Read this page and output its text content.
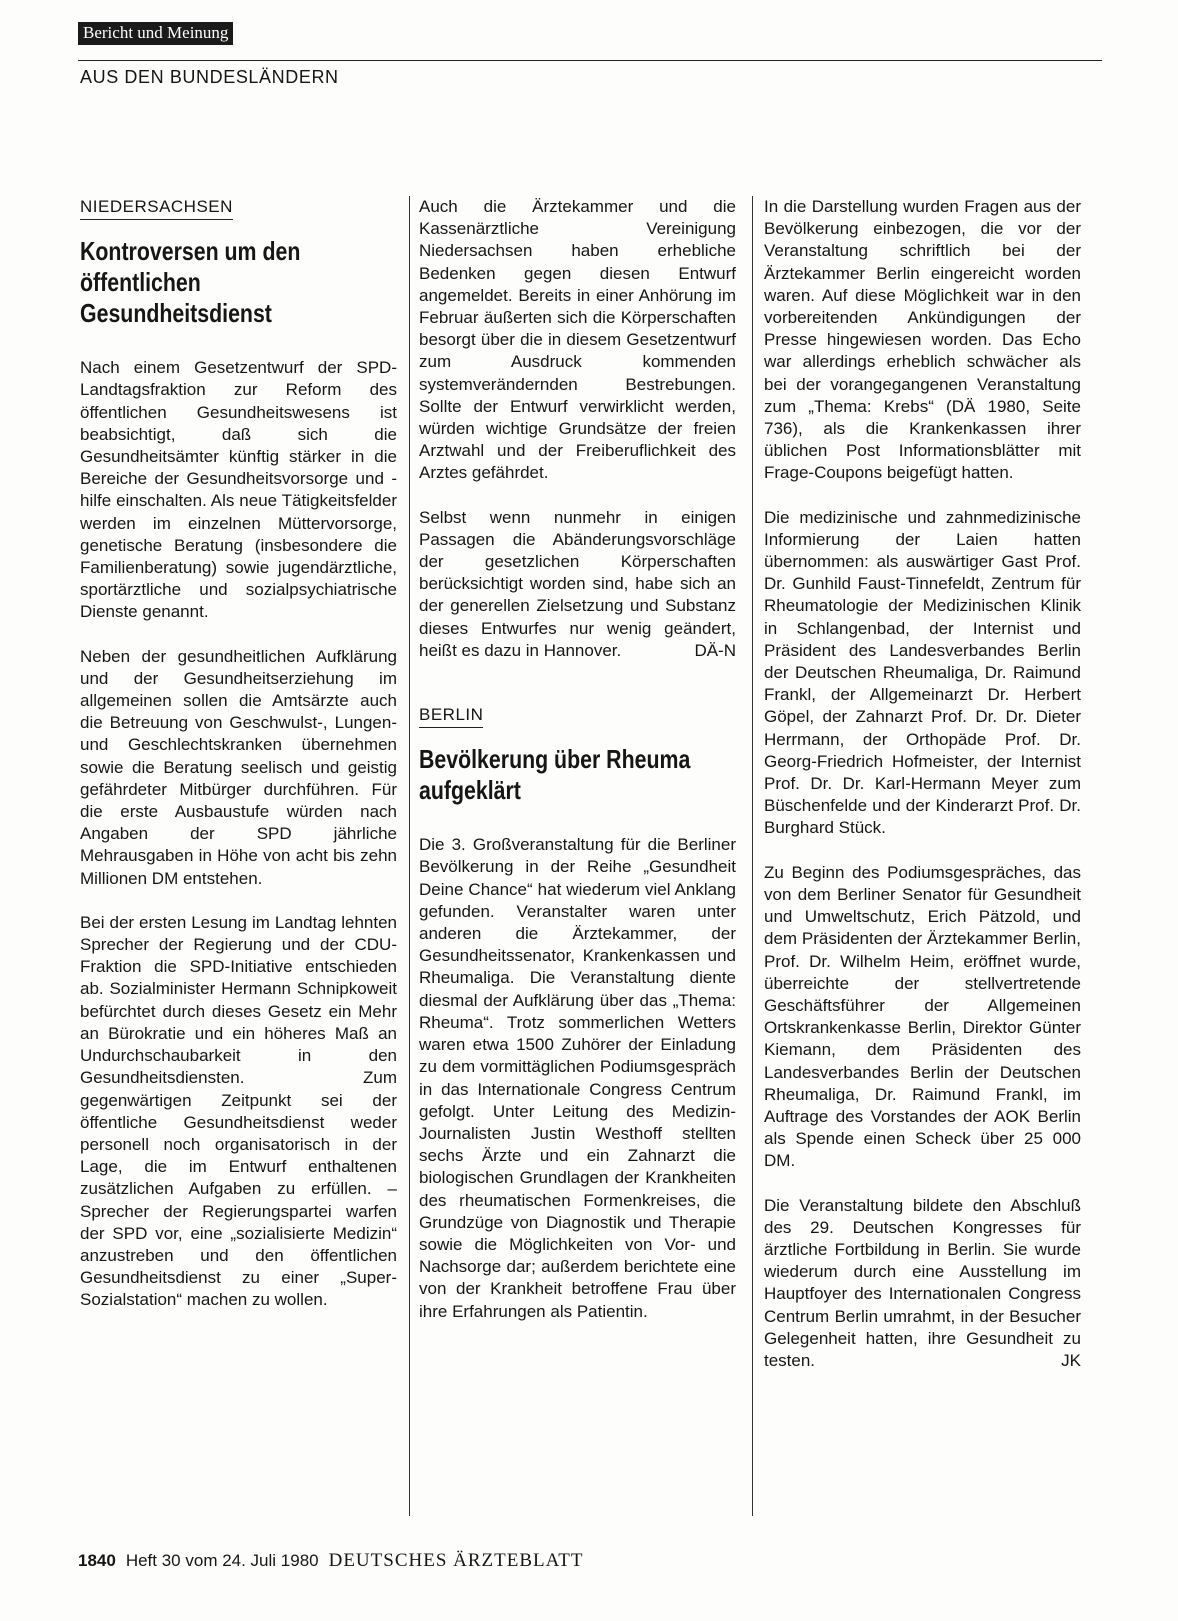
Bericht und Meinung
AUS DEN BUNDESLÄNDERN
NIEDERSACHSEN
Kontroversen um den öffentlichen Gesundheitsdienst

Nach einem Gesetzentwurf der SPD-Landtagsfraktion zur Reform des öffentlichen Gesundheitswesens ist beabsichtigt, daß sich die Gesundheitsämter künftig stärker in die Bereiche der Gesundheitsvorsorge und -hilfe einschalten. Als neue Tätigkeitsfelder werden im einzelnen Müttervorsorge, genetische Beratung (insbesondere die Familienberatung) sowie jugendärztliche, sportärztliche und sozialpsychiatrische Dienste genannt.

Neben der gesundheitlichen Aufklärung und der Gesundheitserziehung im allgemeinen sollen die Amtsärzte auch die Betreuung von Geschwulst-, Lungen- und Geschlechtskranken übernehmen sowie die Beratung seelisch und geistig gefährdeter Mitbürger durchführen. Für die erste Ausbaustufe würden nach Angaben der SPD jährliche Mehrausgaben in Höhe von acht bis zehn Millionen DM entstehen.

Bei der ersten Lesung im Landtag lehnten Sprecher der Regierung und der CDU-Fraktion die SPD-Initiative entschieden ab. Sozialminister Hermann Schnipkoweit befürchtet durch dieses Gesetz ein Mehr an Bürokratie und ein höheres Maß an Undurchschaubarkeit in den Gesundheitsdiensten. Zum gegenwärtigen Zeitpunkt sei der öffentliche Gesundheitsdienst weder personell noch organisatorisch in der Lage, die im Entwurf enthaltenen zusätzlichen Aufgaben zu erfüllen. – Sprecher der Regierungspartei warfen der SPD vor, eine „sozialisierte Medizin“ anzustreben und den öffentlichen Gesundheitsdienst zu einer „Super-Sozialstation“ machen zu wollen.

Auch die Ärztekammer und die Kassenärztliche Vereinigung Niedersachsen haben erhebliche Bedenken gegen diesen Entwurf angemeldet. Bereits in einer Anhörung im Februar äußerten sich die Körperschaften besorgt über die in diesem Gesetzentwurf zum Ausdruck kommenden systemverändernden Bestrebungen. Sollte der Entwurf verwirklicht werden, würden wichtige Grundsätze der freien Arztwahl und der Freiberuflichkeit des Arztes gefährdet.

Selbst wenn nunmehr in einigen Passagen die Abänderungsvorschläge der gesetzlichen Körperschaften berücksichtigt worden sind, habe sich an der generellen Zielsetzung und Substanz dieses Entwurfes nur wenig geändert, heißt es dazu in Hannover.	DÄ-N

BERLIN
Bevölkerung über Rheuma aufgeklärt

Die 3. Großveranstaltung für die Berliner Bevölkerung in der Reihe „Gesundheit Deine Chance“ hat wiederum viel Anklang gefunden. Veranstalter waren unter anderen die Ärztekammer, der Gesundheitssenator, Krankenkassen und Rheumaliga. Die Veranstaltung diente diesmal der Aufklärung über das „Thema: Rheuma“. Trotz sommerlichen Wetters waren etwa 1500 Zuhörer der Einladung zu dem vormittäglichen Podiumsgespräch in das Internationale Congress Centrum gefolgt. Unter Leitung des Medizin-Journalisten Justin Westhoff stellten sechs Ärzte und ein Zahnarzt die biologischen Grundlagen der Krankheiten des rheumatischen Formenkreises, die Grundzüge von Diagnostik und Therapie sowie die Möglichkeiten von Vor- und Nachsorge dar; außerdem berichtete eine von der Krankheit betroffene Frau über ihre Erfahrungen als Patientin.

In die Darstellung wurden Fragen aus der Bevölkerung einbezogen, die vor der Veranstaltung schriftlich bei der Ärztekammer Berlin eingereicht worden waren. Auf diese Möglichkeit war in den vorbereitenden Ankündigungen der Presse hingewiesen worden. Das Echo war allerdings erheblich schwächer als bei der vorangegangenen Veranstaltung zum „Thema: Krebs“ (DÄ 1980, Seite 736), als die Krankenkassen ihrer üblichen Post Informationsblätter mit Frage-Coupons beigefügt hatten.

Die medizinische und zahnmedizinische Informierung der Laien hatten übernommen: als auswärtiger Gast Prof. Dr. Gunhild Faust-Tinnefeldt, Zentrum für Rheumatologie der Medizinischen Klinik in Schlangenbad, der Internist und Präsident des Landesverbandes Berlin der Deutschen Rheumaliga, Dr. Raimund Frankl, der Allgemeinarzt Dr. Herbert Göpel, der Zahnarzt Prof. Dr. Dr. Dieter Herrmann, der Orthopäde Prof. Dr. Georg-Friedrich Hofmeister, der Internist Prof. Dr. Dr. Karl-Hermann Meyer zum Büschenfelde und der Kinderarzt Prof. Dr. Burghard Stück.

Zu Beginn des Podiumsgespräches, das von dem Berliner Senator für Gesundheit und Umweltschutz, Erich Pätzold, und dem Präsidenten der Ärztekammer Berlin, Prof. Dr. Wilhelm Heim, eröffnet wurde, überreichte der stellvertretende Geschäftsführer der Allgemeinen Ortskrankenkasse Berlin, Direktor Günter Kiemann, dem Präsidenten des Landesverbandes Berlin der Deutschen Rheumaliga, Dr. Raimund Frankl, im Auftrage des Vorstandes der AOK Berlin als Spende einen Scheck über 25 000 DM.

Die Veranstaltung bildete den Abschluß des 29. Deutschen Kongresses für ärztliche Fortbildung in Berlin. Sie wurde wiederum durch eine Ausstellung im Hauptfoyer des Internationalen Congress Centrum Berlin umrahmt, in der Besucher Gelegenheit hatten, ihre Gesundheit zu testen.	JK

1840 Heft 30 vom 24. Juli 1980 DEUTSCHES ÄRZTEBLATT
